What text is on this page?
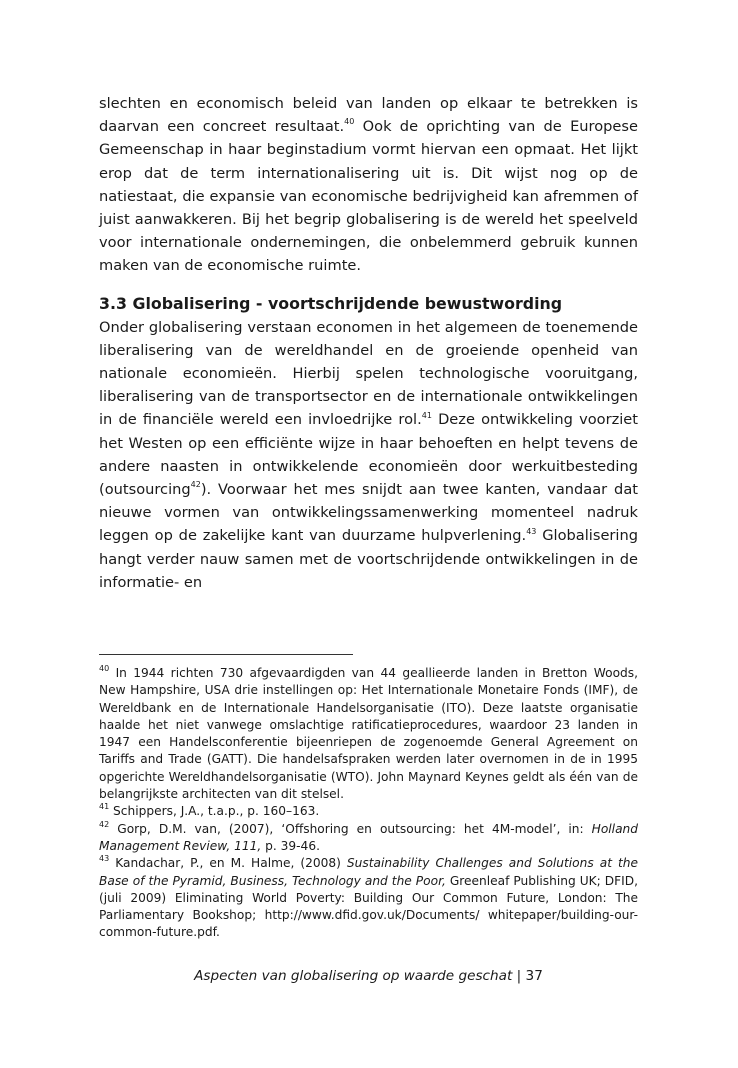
slechten en economisch beleid van landen op elkaar te betrekken is daarvan een concreet resultaat.$^{40}$ Ook de oprichting van de Europese Gemeenschap in haar beginstadium vormt hiervan een opmaat. Het lijkt erop dat de term internationalisering uit is. Dit wijst nog op de natiestaat, die expansie van economische bedrijvigheid kan afremmen of juist aanwakkeren. Bij het begrip globalisering is de wereld het speelveld voor internationale ondernemingen, die onbelemmerd gebruik kunnen maken van de economische ruimte.

3.3 Globalisering - voortschrijdende bewustwording

Onder globalisering verstaan economen in het algemeen de toenemende liberalisering van de wereldhandel en de groeiende openheid van nationale economieën. Hierbij spelen technologische vooruitgang, liberalisering van de transportsector en de internationale ontwikkelingen in de financiële wereld een invloedrijke rol.$^{41}$ Deze ontwikkeling voorziet het Westen op een efficiënte wijze in haar behoeften en helpt tevens de andere naasten in ontwikkelende economieën door werkuitbesteding (outsourcing$^{42}$). Voorwaar het mes snijdt aan twee kanten, vandaar dat nieuwe vormen van ontwikkelingssamenwerking momenteel nadruk leggen op de zakelijke kant van duurzame hulpverlening.$^{43}$ Globalisering hangt verder nauw samen met de voortschrijdende ontwikkelingen in de informatie- en

$^{40}$ In 1944 richten 730 afgevaardigden van 44 geallieerde landen in Bretton Woods, New Hampshire, USA drie instellingen op: Het Internationale Monetaire Fonds (IMF), de Wereldbank en de Internationale Handelsorganisatie (ITO). Deze laatste organisatie haalde het niet vanwege omslachtige ratificatieprocedures, waardoor 23 landen in 1947 een Handelsconferentie bijeenriepen de zogenoemde General Agreement on Tariffs and Trade (GATT). Die handelsafspraken werden later overnomen in de in 1995 opgerichte Wereldhandelsorganisatie (WTO). John Maynard Keynes geldt als één van de belangrijkste architecten van dit stelsel.

$^{41}$ Schippers, J.A., t.a.p., p. 160–163.

$^{42}$ Gorp, D.M. van, (2007), ‘Offshoring en outsourcing: het 4M-model’, in: Holland Management Review, 111, p. 39-46.

$^{43}$ Kandachar, P., en M. Halme, (2008) Sustainability Challenges and Solutions at the Base of the Pyramid, Business, Technology and the Poor, Greenleaf Publishing UK; DFID, (juli 2009) Eliminating World Poverty: Building Our Common Future, London: The Parliamentary Bookshop; http://www.dfid.gov.uk/Documents/ whitepaper/building-our-common-future.pdf.

Aspecten van globalisering op waarde geschat | 37
